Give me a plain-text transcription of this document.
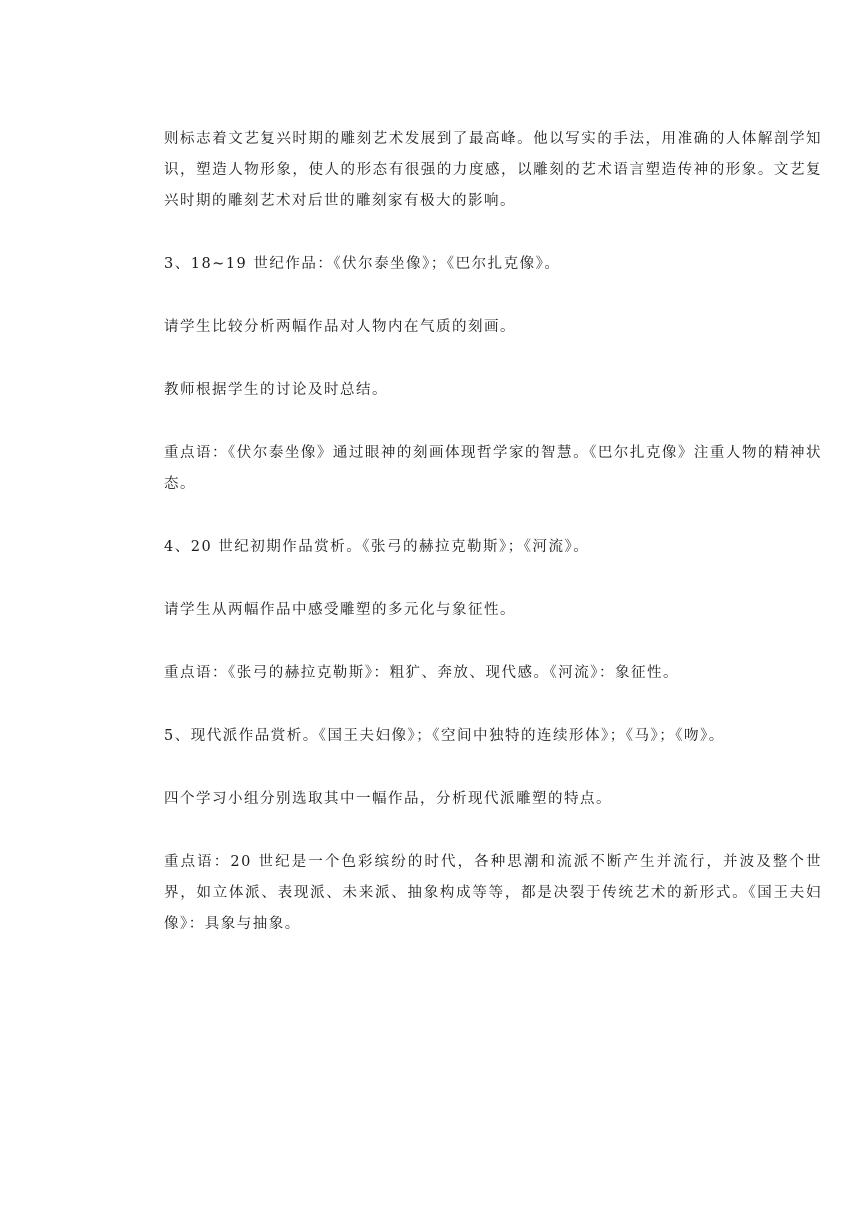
则标志着文艺复兴时期的雕刻艺术发展到了最高峰。他以写实的手法，用准确的人体解剖学知识，塑造人物形象，使人的形态有很强的力度感，以雕刻的艺术语言塑造传神的形象。文艺复兴时期的雕刻艺术对后世的雕刻家有极大的影响。

3、18~19 世纪作品：《伏尔泰坐像》；《巴尔扎克像》。

请学生比较分析两幅作品对人物内在气质的刻画。

教师根据学生的讨论及时总结。

重点语：《伏尔泰坐像》通过眼神的刻画体现哲学家的智慧。《巴尔扎克像》注重人物的精神状态。

4、20 世纪初期作品赏析。《张弓的赫拉克勒斯》；《河流》。

请学生从两幅作品中感受雕塑的多元化与象征性。

重点语：《张弓的赫拉克勒斯》：粗犷、奔放、现代感。《河流》：象征性。

5、现代派作品赏析。《国王夫妇像》；《空间中独特的连续形体》；《马》；《吻》。

四个学习小组分别选取其中一幅作品，分析现代派雕塑的特点。

重点语：20 世纪是一个色彩缤纷的时代，各种思潮和流派不断产生并流行，并波及整个世界，如立体派、表现派、未来派、抽象构成等等，都是决裂于传统艺术的新形式。《国王夫妇像》：具象与抽象。
